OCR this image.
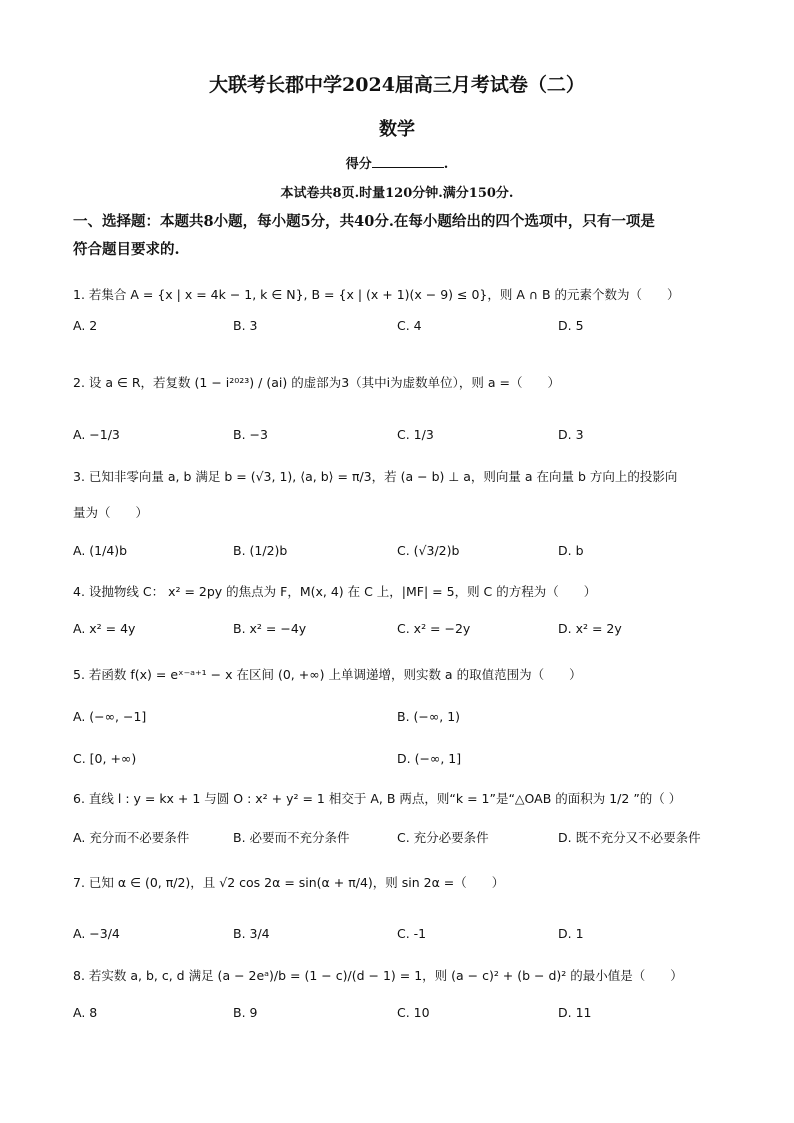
大联考长郡中学2024届高三月考试卷（二）
数学
得分	.
本试卷共8页.时量120分钟.满分150分.
一、选择题：本题共8小题，每小题5分，共40分.在每小题给出的四个选项中，只有一项是
符合题目要求的.
1. 若集合 A = {x | x = 4k − 1, k ∈ N}, B = {x | (x + 1)(x − 9) ≤ 0}，则 A ∩ B 的元素个数为（　　）
A. 2	B. 3	C. 4	D. 5
2. 设 a ∈ R，若复数 (1 − i²⁰²³) / (ai) 的虚部为3（其中i为虚数单位），则 a =（　　）
A. −1/3	B. −3	C. 1/3	D. 3
3. 已知非零向量 a, b 满足 b = (√3, 1), ⟨a, b⟩ = π/3，若 (a − b) ⊥ a，则向量 a 在向量 b 方向上的投影向
量为（　　）
A. (1/4)b	B. (1/2)b	C. (√3/2)b	D. b
4. 设抛物线 C： x² = 2py 的焦点为 F，M(x, 4) 在 C 上，|MF| = 5，则 C 的方程为（　　）
A. x² = 4y	B. x² = −4y	C. x² = −2y	D. x² = 2y
5. 若函数 f(x) = eˣ⁻ᵃ⁺¹ − x 在区间 (0, +∞) 上单调递增，则实数 a 的取值范围为（　　）
A. (−∞, −1]	B. (−∞, 1)
C. [0, +∞)	D. (−∞, 1]
6. 直线 l : y = kx + 1 与圆 O : x² + y² = 1 相交于 A, B 两点，则“k = 1”是“△OAB 的面积为 1/2 ”的（ ）
A. 充分而不必要条件	B. 必要而不充分条件	C. 充分必要条件	D. 既不充分又不必要条件
7. 已知 α ∈ (0, π/2)，且 √2 cos 2α = sin(α + π/4)，则 sin 2α =（　　）
A. −3/4	B. 3/4	C. -1	D. 1
8. 若实数 a, b, c, d 满足 (a − 2eᵃ)/b = (1 − c)/(d − 1) = 1，则 (a − c)² + (b − d)² 的最小值是（　　）
A. 8	B. 9	C. 10	D. 11
